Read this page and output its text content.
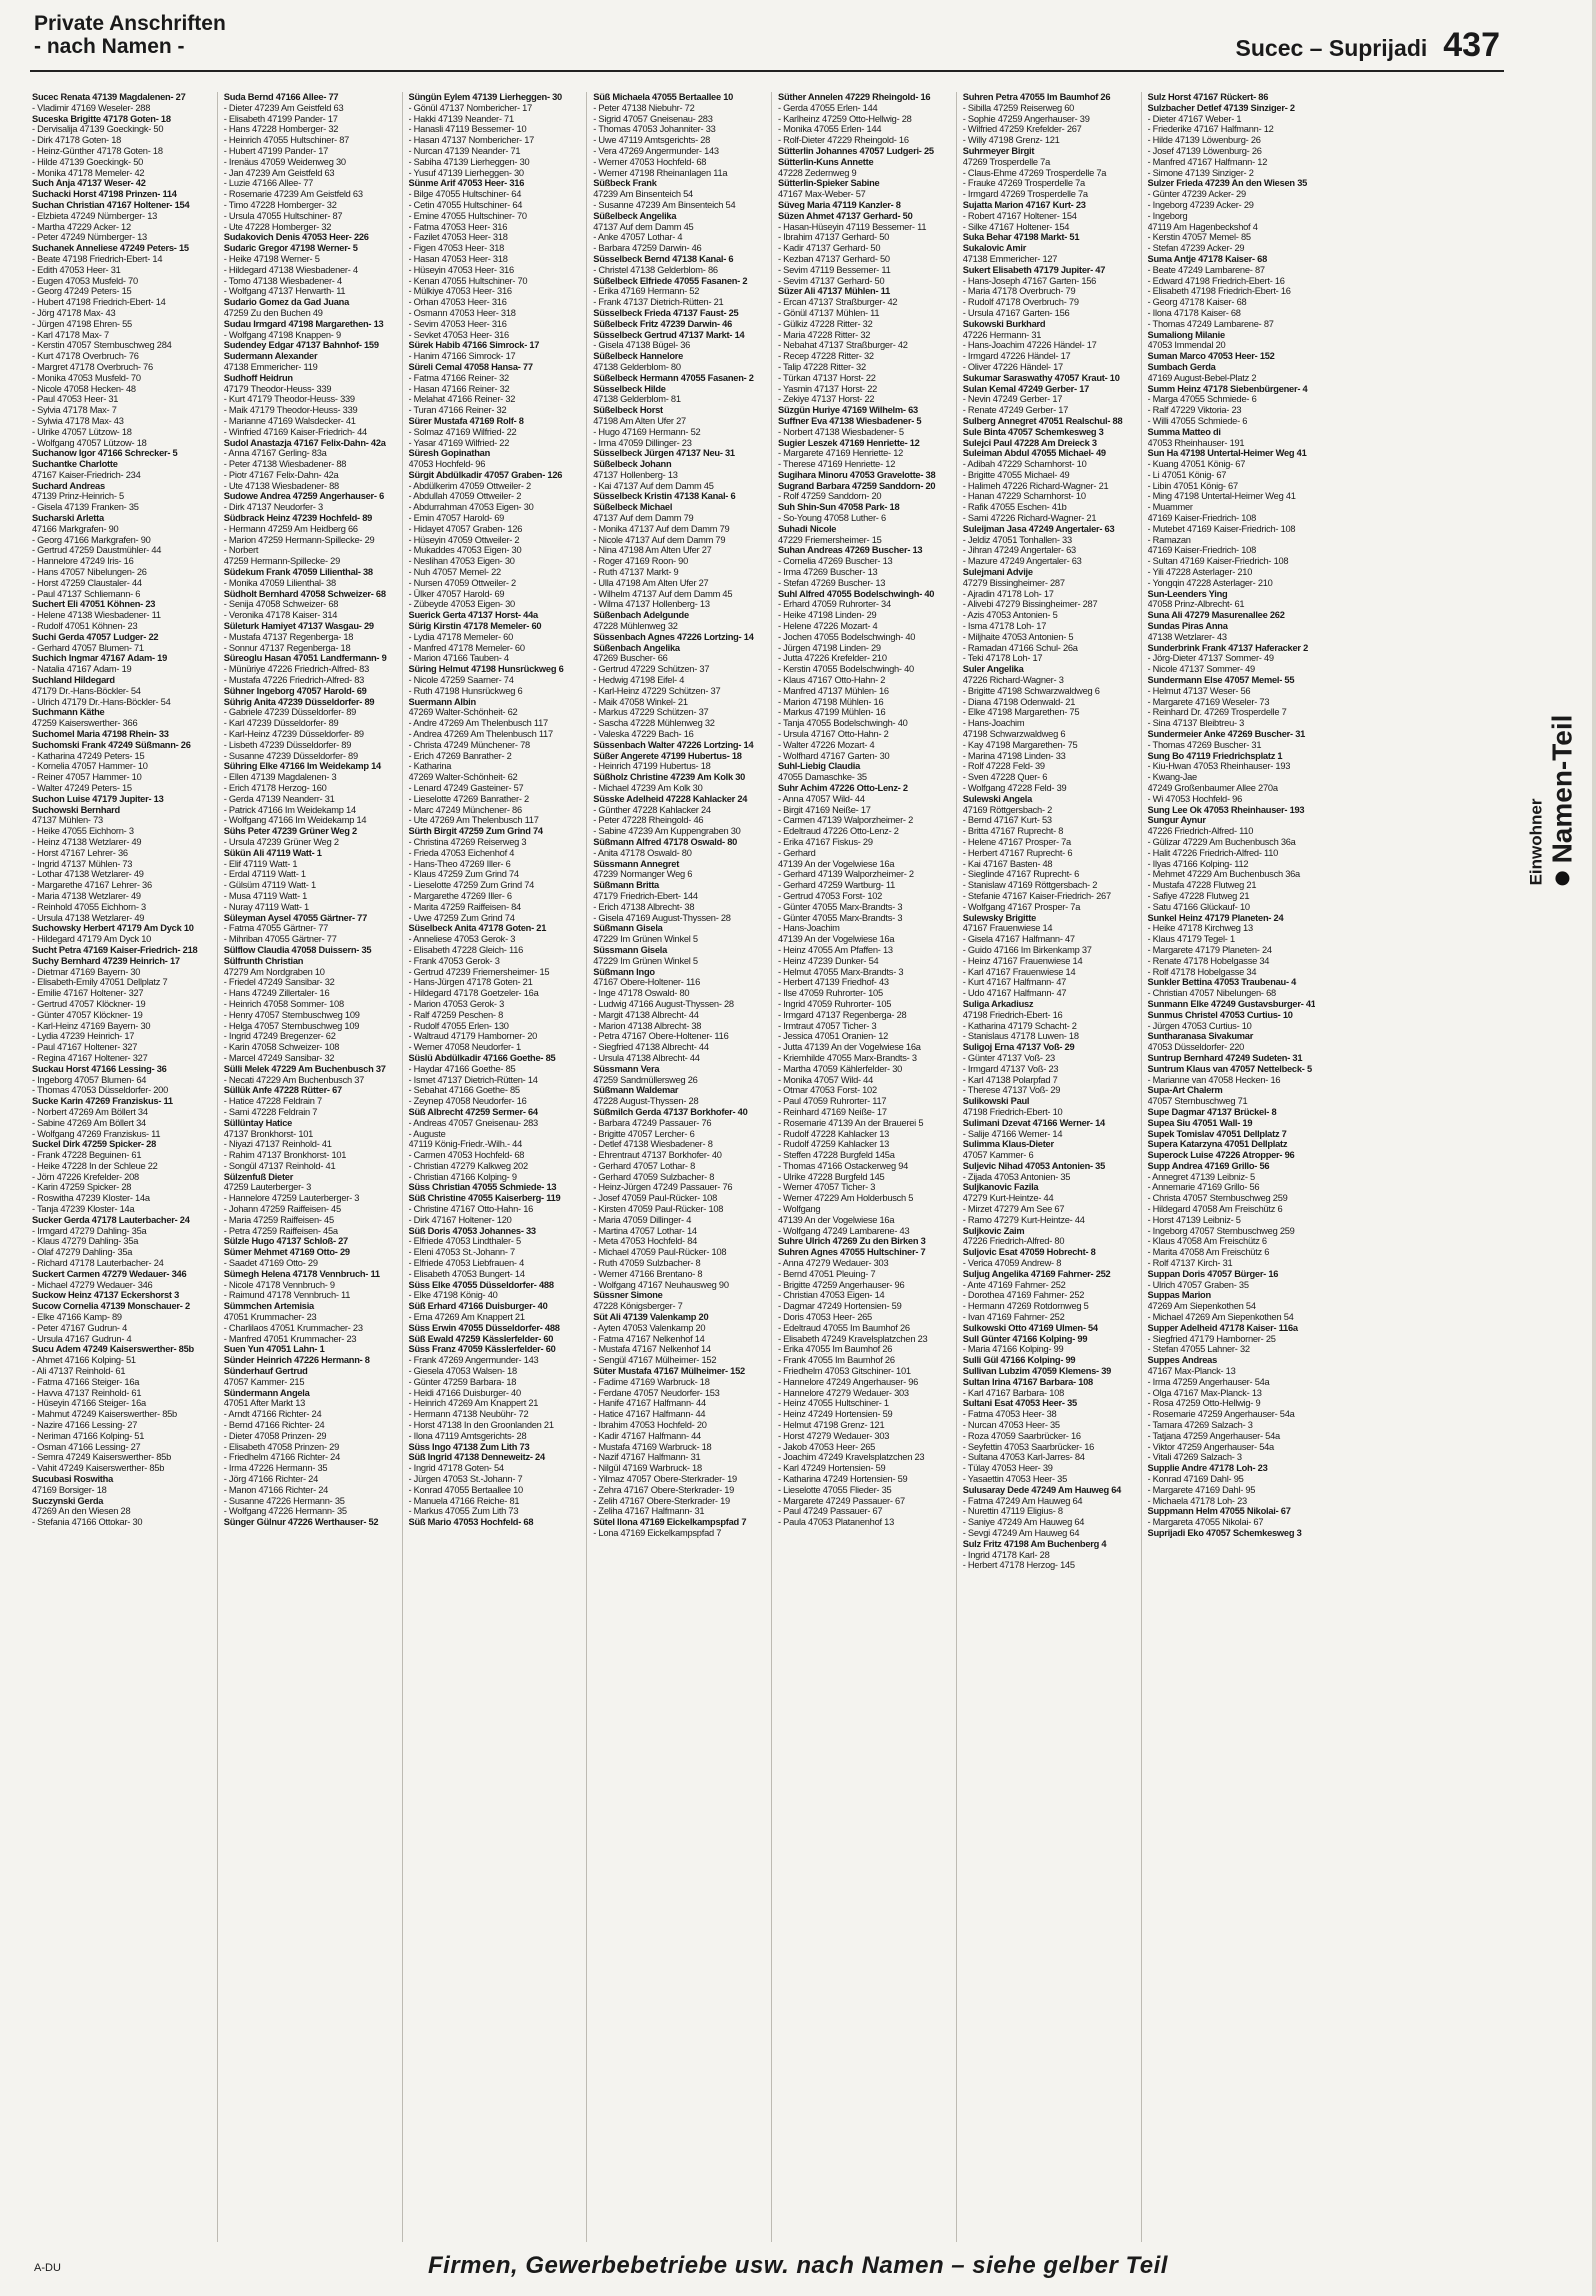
Private Anschriften
- nach Namen -	Sucec – Suprijadi 437
Sucec Renata 47139 Magdalenen- 27
- Vladimir 47169 Weseler- 288
Suceska Brigitte 47178 Goten- 18
- Dervisalija 47139 Goeckingk- 50
- Dirk 47178 Goten- 18
- Heinz-Günther 47178 Goten- 18
- Hilde 47139 Goeckingk- 50
- Monika 47178 Memeler- 42
Such Anja 47137 Weser- 42
Suchacki Horst 47198 Prinzen- 114
Suchan Christian 47167 Holtener- 154
- Elzbieta 47249 Nürnberger- 13
- Martha 47229 Acker- 12
- Peter 47249 Nürnberger- 13
Suchanek Anneliese 47249 Peters- 15
- Beate 47198 Friedrich-Ebert- 14
- Edith 47053 Heer- 31
- Eugen 47053 Musfeld- 70
- Georg 47249 Peters- 15
- Hubert 47198 Friedrich-Ebert- 14
- Jörg 47178 Max- 43
- Jürgen 47198 Ehren- 55
- Karl 47178 Max- 7
- Kerstin 47057 Sternbuschweg 284
- Kurt 47178 Overbruch- 76
- Margret 47178 Overbruch- 76
- Monika 47053 Musfeld- 70
- Nicole 47058 Hecken- 48
- Paul 47053 Heer- 31
- Sylvia 47178 Max- 7
- Sylwia 47178 Max- 43
- Ulrike 47057 Lützow- 18
- Wolfgang 47057 Lützow- 18
Suchanow Igor 47166 Schrecker- 5
Suchantke Charlotte
47167 Kaiser-Friedrich- 234
Suchard Andreas
47139 Prinz-Heinrich- 5
- Gisela 47139 Franken- 35
Sucharski Arletta
47166 Markgrafen- 90
- Georg 47166 Markgrafen- 90
- Gertrud 47259 Daustmühler- 44
- Hannelore 47249 Iris- 16
- Hans 47057 Nibelungen- 26
- Horst 47259 Claustaler- 44
- Paul 47137 Schliemann- 6
Suchert Eli 47051 Köhnen- 23
- Helene 47138 Wiesbadener- 11
- Rudolf 47051 Köhnen- 23
Suchi Gerda 47057 Ludger- 22
- Gerhard 47057 Blumen- 71
Suchich Ingmar 47167 Adam- 19
- Natalia 47167 Adam- 19
Suchland Hildegard
47179 Dr.-Hans-Böckler- 54
- Ulrich 47179 Dr.-Hans-Böckler- 54
Suchmann Käthe
47259 Kaiserswerther- 366
Suchomel Maria 47198 Rhein- 33
Suchomski Frank 47249 Süßmann- 26
- Katharina 47249 Peters- 15
- Kornelia 47057 Hammer- 10
- Reiner 47057 Hammer- 10
- Walter 47249 Peters- 15
Suchon Luise 47179 Jupiter- 13
Suchowski Bernhard
47137 Mühlen- 73
- Heike 47055 Eichhorn- 3
- Heinz 47138 Wetzlarer- 49
- Horst 47167 Lehrer- 36
- Ingrid 47137 Mühlen- 73
- Lothar 47138 Wetzlarer- 49
- Margarethe 47167 Lehrer- 36
- Maria 47138 Wetzlarer- 49
- Reinhold 47055 Eichhorn- 3
- Ursula 47138 Wetzlarer- 49
Suchowsky Herbert 47179 Am Dyck 10
- Hildegard 47179 Am Dyck 10
Sucht Petra 47169 Kaiser-Friedrich- 218
Suchy Bernhard 47239 Heinrich- 17
- Dietmar 47169 Bayern- 30
- Elisabeth-Emily 47051 Dellplatz 7
- Emilie 47167 Holtener- 327
- Gertrud 47057 Klöckner- 19
- Günter 47057 Klöckner- 19
- Karl-Heinz 47169 Bayern- 30
- Lydia 47239 Heinrich- 17
- Paul 47167 Holtener- 327
- Regina 47167 Holtener- 327
Suckau Horst 47166 Lessing- 36
- Ingeborg 47057 Blumen- 64
- Thomas 47053 Düsseldorfer- 200
Sucke Karin 47269 Franziskus- 11
- Norbert 47269 Am Böllert 34
- Sabine 47269 Am Böllert 34
- Wolfgang 47269 Franziskus- 11
Suckel Dirk 47259 Spicker- 28
- Frank 47228 Beguinen- 61
- Heike 47228 In der Schleue 22
- Jörn 47226 Krefelder- 208
- Karin 47259 Spicker- 28
- Roswitha 47239 Kloster- 14a
- Tanja 47239 Kloster- 14a
Sucker Gerda 47178 Lauterbacher- 24
- Irmgard 47279 Dahling- 35a
- Klaus 47279 Dahling- 35a
- Olaf 47279 Dahling- 35a
- Richard 47178 Lauterbacher- 24
Suckert Carmen 47279 Wedauer- 346
- Michael 47279 Wedauer- 346
Suckow Heinz 47137 Eckershorst 3
Sucow Cornelia 47139 Monschauer- 2
- Elke 47166 Kamp- 89
- Peter 47167 Gudrun- 4
- Ursula 47167 Gudrun- 4
Sucu Adem 47249 Kaiserswerther- 85b
- Ahmet 47166 Kolping- 51
- Ali 47137 Reinhold- 61
- Fatma 47166 Steiger- 16a
- Havva 47137 Reinhold- 61
- Hüseyin 47166 Steiger- 16a
- Mahmut 47249 Kaiserswerther- 85b
- Nazire 47166 Lessing- 27
- Neriman 47166 Kolping- 51
- Osman 47166 Lessing- 27
- Semra 47249 Kaiserswerther- 85b
- Vahit 47249 Kaiserswerther- 85b
Sucubasi Roswitha
47169 Borsiger- 18
Suczynski Gerda
47269 An den Wiesen 28
- Stefania 47166 Ottokar- 30
Suda Bernd 47166 Allee- 77
- Dieter 47239 Am Geistfeld 63
- Elisabeth 47199 Pander- 17
- Hans 47228 Homberger- 32
- Heinrich 47055 Hultschiner- 87
- Hubert 47199 Pander- 17
- Irenäus 47059 Weidenweg 30
- Jan 47239 Am Geistfeld 63
- Luzie 47166 Allee- 77
- Rosemarie 47239 Am Geistfeld 63
- Timo 47228 Homberger- 32
- Ursula 47055 Hultschiner- 87
- Ute 47228 Homberger- 32
Sudakovich Denis 47053 Heer- 226
Sudaric Gregor 47198 Werner- 5
- Heike 47198 Werner- 5
- Hildegard 47138 Wiesbadener- 4
- Tomo 47138 Wiesbadener- 4
- Wolfgang 47137 Herwarth- 11
Sudario Gomez da Gad Juana
47259 Zu den Buchen 49
Sudau Irmgard 47198 Margarethen- 13
- Wolfgang 47198 Knappen- 9
Sudendey Edgar 47137 Bahnhof- 159
Sudermann Alexander
47138 Emmericher- 119
Sudhoff Heidrun
47179 Theodor-Heuss- 339
- Kurt 47179 Theodor-Heuss- 339
- Maik 47179 Theodor-Heuss- 339
- Marianne 47169 Walsdecker- 41
- Winfried 47169 Kaiser-Friedrich- 44
Sudol Anastazja 47167 Felix-Dahn- 42a
- Anna 47167 Gerling- 83a
- Peter 47138 Wiesbadener- 88
- Piotr 47167 Felix-Dahn- 42a
- Ute 47138 Wiesbadener- 88
Sudowe Andrea 47259 Angerhauser- 6
- Dirk 47137 Neudorfer- 3
Südbrack Heinz 47239 Hochfeld- 89
- Hermann 47259 Am Heidberg 66
- Marion 47259 Hermann-Spillecke- 29
- Norbert
47259 Hermann-Spillecke- 29
Südekum Frank 47059 Lilienthal- 38
- Monika 47059 Lilienthal- 38
Südholt Bernhard 47058 Schweizer- 68
- Senija 47058 Schweizer- 68
- Veronika 47178 Kaiser- 314
Sületurk Hamiyet 47137 Wasgau- 29
- Mustafa 47137 Regenberga- 18
- Sonnur 47137 Regenberga- 18
Süreoglu Hasan 47051 Landfermann- 9
- Münüriye 47226 Friedrich-Alfred- 83
- Mustafa 47226 Friedrich-Alfred- 83
Sühner Ingeborg 47057 Harold- 69
Sührig Anita 47239 Düsseldorfer- 89
- Gabriele 47239 Düsseldorfer- 89
- Karl 47239 Düsseldorfer- 89
- Karl-Heinz 47239 Düsseldorfer- 89
- Lisbeth 47239 Düsseldorfer- 89
- Susanne 47239 Düsseldorfer- 89
Sühring Elke 47166 Im Weidekamp 14
- Ellen 47139 Magdalenen- 3
- Erich 47178 Herzog- 160
- Gerda 47139 Neanderr- 31
- Patrick 47166 Im Weidekamp 14
- Wolfgang 47166 Im Weidekamp 14
Sühs Peter 47239 Grüner Weg 2
- Ursula 47239 Grüner Weg 2
Sükün Ali 47119 Watt- 1
- Elif 47119 Watt- 1
- Erdal 47119 Watt- 1
- Gülsüm 47119 Watt- 1
- Musa 47119 Watt- 1
- Nuray 47119 Watt- 1
Süleyman Aysel 47055 Gärtner- 77
- Fatma 47055 Gärtner- 77
- Mihriban 47055 Gärtner- 77
Sülflow Claudia 47058 Duissern- 35
Sülfrunth Christian
47279 Am Nordgraben 10
- Friedel 47249 Sansibar- 32
- Hans 47249 Zillertaler- 16
- Heinrich 47058 Sommer- 108
- Henry 47057 Sternbuschweg 109
- Helga 47057 Sternbuschweg 109
- Ingrid 47249 Bregenzer- 62
- Karin 47058 Schweizer- 108
- Marcel 47249 Sansibar- 32
Sülli Melek 47229 Am Buchenbusch 37
- Necati 47229 Am Buchenbusch 37
Süllük Anfe 47228 Rütter- 67
- Hatice 47228 Feldrain 7
- Sami 47228 Feldrain 7
Süllüntay Hatice
47137 Bronkhorst- 101
- Niyazi 47137 Reinhold- 41
- Rahim 47137 Bronkhorst- 101
- Songül 47137 Reinhold- 41
Sülzenfuß Dieter
47259 Lauterberger- 3
- Hannelore 47259 Lauterberger- 3
- Johann 47259 Raiffeisen- 45
- Maria 47259 Raiffeisen- 45
- Petra 47259 Raiffeisen- 45a
Sülzle Hugo 47137 Schloß- 27
Sümer Mehmet 47169 Otto- 29
- Saadet 47169 Otto- 29
Sümegh Helena 47178 Vennbruch- 11
- Nicole 47178 Vennbruch- 9
- Raimund 47178 Vennbruch- 11
Sümmchen Artemisia
47051 Krummacher- 23
- Charlilaos 47051 Krummacher- 23
- Manfred 47051 Krummacher- 23
Suen Yun 47051 Lahn- 1
Sünder Heinrich 47226 Hermann- 8
Sünderhauf Gertrud
47057 Kammer- 215
Sündermann Angela
47051 After Markt 13
- Arndt 47166 Richter- 24
- Bernd 47166 Richter- 24
- Dieter 47058 Prinzen- 29
- Elisabeth 47058 Prinzen- 29
- Friedhelm 47166 Richter- 24
- Irma 47226 Hermann- 35
- Jörg 47166 Richter- 24
- Manon 47166 Richter- 24
- Susanne 47226 Hermann- 35
- Wolfgang 47226 Hermann- 35
Sünger Gülnur 47226 Werthauser- 52
Süngün Eylem 47139 Lierheggen- 30
- Gönül 47137 Nombericher- 17
- Hakki 47139 Neander- 71
- Hanasli 47119 Bessemer- 10
- Hasan 47137 Nombericher- 17
- Nurcan 47139 Neander- 71
- Sabiha 47139 Lierheggen- 30
- Yusuf 47139 Lierheggen- 30
Sünme Arif 47053 Heer- 316
- Bilge 47055 Hultschiner- 64
- Cetin 47055 Hultschiner- 64
- Emine 47055 Hultschiner- 70
- Fatma 47053 Heer- 316
- Fazilet 47053 Heer- 318
- Figen 47053 Heer- 318
- Hasan 47053 Heer- 318
- Hüseyin 47053 Heer- 316
- Kenan 47055 Hultschiner- 70
- Mülkiye 47053 Heer- 316
- Orhan 47053 Heer- 316
- Osmann 47053 Heer- 318
- Sevim 47053 Heer- 316
- Sevket 47053 Heer- 316
Sürek Habib 47166 Simrock- 17
- Hanim 47166 Simrock- 17
Süreli Cemal 47058 Hansa- 77
- Fatma 47166 Reiner- 32
- Hasan 47166 Reiner- 32
- Melahat 47166 Reiner- 32
- Turan 47166 Reiner- 32
Sürer Mustafa 47169 Rolf- 8
- Solmaz 47169 Wilfried- 22
- Yasar 47169 Wilfried- 22
Süresh Gopinathan
47053 Hochfeld- 96
Sürgit Abdülkadir 47057 Graben- 126
- Abdülkerim 47059 Ottweiler- 2
- Abdullah 47059 Ottweiler- 2
- Abdurrahman 47053 Eigen- 30
- Emin 47057 Harold- 69
- Hidayet 47057 Graben- 126
- Hüseyin 47059 Ottweiler- 2
- Mukaddes 47053 Eigen- 30
- Neslihan 47053 Eigen- 30
- Nuh 47057 Memel- 22
- Nursen 47059 Ottweiler- 2
- Ülker 47057 Harold- 69
- Zübeyde 47053 Eigen- 30
Suerick Gerta 47137 Horst- 44a
Sürig Kirstin 47178 Memeler- 60
- Lydia 47178 Memeler- 60
- Manfred 47178 Memeler- 60
- Marion 47166 Tauben- 4
Süring Helmut 47198 Hunsrückweg 6
- Nicole 47259 Saarner- 74
- Ruth 47198 Hunsrückweg 6
Suermann Albin
47269 Walter-Schönheit- 62
- Andre 47269 Am Thelenbusch 117
- Andrea 47269 Am Thelenbusch 117
- Christa 47249 Münchener- 78
- Erich 47269 Banrather- 2
- Katharina
47269 Walter-Schönheit- 62
- Lenard 47249 Gasteiner- 57
- Lieselotte 47269 Banrather- 2
- Marc 47249 Münchener- 86
- Ute 47269 Am Thelenbusch 117
Sürth Birgit 47259 Zum Grind 74
- Christina 47269 Reiserweg 3
- Frieda 47053 Eichenhof 4
- Hans-Theo 47269 Iller- 6
- Klaus 47259 Zum Grind 74
- Lieselotte 47259 Zum Grind 74
- Margarethe 47269 Iller- 6
- Marita 47259 Raiffeisen- 84
- Uwe 47259 Zum Grind 74
Süselbeck Anita 47178 Goten- 21
- Anneliese 47053 Gerok- 3
- Elisabeth 47228 Gleich- 116
- Frank 47053 Gerok- 3
- Gertrud 47239 Friemersheimer- 15
- Hans-Jürgen 47178 Goten- 21
- Hildegard 47178 Goetzeler- 16a
- Marion 47053 Gerok- 3
- Ralf 47259 Peschen- 8
- Rudolf 47055 Erlen- 130
- Waltraud 47179 Hamborner- 20
- Werner 47058 Neudorfer- 1
Süslü Abdülkadir 47166 Goethe- 85
- Haydar 47166 Goethe- 85
- Ismet 47137 Dietrich-Rütten- 14
- Sebahat 47166 Goethe- 85
- Zeynep 47058 Neudorfer- 16
Süß Albrecht 47259 Sermer- 64
- Andreas 47057 Gneisenau- 283
- Auguste
47119 König-Friedr.-Wilh.- 44
- Carmen 47053 Hochfeld- 68
- Christian 47279 Kalkweg 202
- Christian 47166 Kolping- 9
Süss Christian 47055 Schmiede- 13
Süß Christine 47055 Kaiserberg- 119
- Christine 47167 Otto-Hahn- 16
- Dirk 47167 Holtener- 120
Süß Doris 47053 Johannes- 33
- Elfriede 47053 Lindthaler- 5
- Eleni 47053 St.-Johann- 7
- Elfriede 47053 Liebfrauen- 4
- Elisabeth 47053 Bungert- 14
Süss Elke 47055 Düsseldorfer- 488
- Elke 47198 König- 40
Süß Erhard 47166 Duisburger- 40
- Erna 47269 Am Knappert 21
Süss Erwin 47055 Düsseldorfer- 488
Süß Ewald 47259 Kässlerfelder- 60
Süss Franz 47059 Kässlerfelder- 60
- Frank 47269 Angermunder- 143
- Giesela 47053 Walsen- 18
- Günter 47259 Barbara- 18
- Heidi 47166 Duisburger- 40
- Heinrich 47269 Am Knappert 21
- Hermann 47138 Neubühr- 72
- Horst 47138 In den Groonlanden 21
- Ilona 47119 Amtsgerichts- 28
Süss Ingo 47138 Zum Lith 73
Süß Ingrid 47138 Denneweitz- 24
- Ingrid 47178 Goten- 54
- Jürgen 47053 St.-Johann- 7
- Konrad 47055 Bertaallee 10
- Manuela 47166 Reiche- 81
- Markus 47055 Zum Lith 73
Süß Mario 47053 Hochfeld- 68
Süß Michaela 47055 Bertaallee 10
- Peter 47138 Niebuhr- 72
- Sigrid 47057 Gneisenau- 283
- Thomas 47053 Johanniter- 33
- Uwe 47119 Amtsgerichts- 28
- Vera 47269 Angermunder- 143
- Werner 47053 Hochfeld- 68
- Werner 47198 Rheinanlagen 11a
Süßbeck Frank
47239 Am Binsenteich 54
- Susanne 47239 Am Binsenteich 54
Süßelbeck Angelika
47137 Auf dem Damm 45
- Anke 47057 Lothar- 4
- Barbara 47259 Darwin- 46
Süsselbeck Bernd 47138 Kanal- 6
- Christel 47138 Gelderblom- 86
Süßelbeck Elfriede 47055 Fasanen- 2
- Erika 47169 Hermann- 52
- Frank 47137 Dietrich-Rütten- 21
Süsselbeck Frieda 47137 Faust- 25
Süßelbeck Fritz 47239 Darwin- 46
Süsselbeck Gertrud 47137 Markt- 14
- Gisela 47138 Bügel- 36
Süßelbeck Hannelore
47138 Gelderblom- 80
Süßelbeck Hermann 47055 Fasanen- 2
Süsselbeck Hilde
47138 Gelderblom- 81
Süßelbeck Horst
47198 Am Alten Ufer 27
- Hugo 47169 Hermann- 52
- Irma 47059 Dillinger- 23
Süsselbeck Jürgen 47137 Neu- 31
Süßelbeck Johann
47137 Hollenberg- 13
- Kai 47137 Auf dem Damm 45
Süsselbeck Kristin 47138 Kanal- 6
Süßelbeck Michael
47137 Auf dem Damm 79
- Monika 47137 Auf dem Damm 79
- Nicole 47137 Auf dem Damm 79
- Nina 47198 Am Alten Ufer 27
- Roger 47169 Roon- 90
- Ruth 47137 Markt- 9
- Ulla 47198 Am Alten Ufer 27
- Wilhelm 47137 Auf dem Damm 45
- Wilma 47137 Hollenberg- 13
Süßenbach Adelgunde
47228 Mühlenweg 32
Süssenbach Agnes 47226 Lortzing- 14
Süßenbach Angelika
47269 Buscher- 66
- Gertrud 47229 Schützen- 37
- Hedwig 47198 Eifel- 4
- Karl-Heinz 47229 Schützen- 37
- Maik 47058 Winkel- 21
- Markus 47229 Schützen- 37
- Sascha 47228 Mühlenweg 32
- Valeska 47229 Bach- 16
Süssenbach Walter 47226 Lortzing- 14
Süßer Angerete 47199 Hubertus- 18
- Heinrich 47199 Hubertus- 18
Süßholz Christine 47239 Am Kolk 30
- Michael 47239 Am Kolk 30
Süsske Adelheid 47228 Kahlacker 24
- Günther 47228 Kahlacker 24
- Peter 47228 Rheingold- 46
- Sabine 47239 Am Kuppengraben 30
Süßmann Alfred 47178 Oswald- 80
- Anita 47178 Oswald- 80
Süssmann Annegret
47239 Normanger Weg 6
Süßmann Britta
47179 Friedrich-Ebert- 144
- Erich 47138 Albrecht- 38
- Gisela 47169 August-Thyssen- 28
Süßmann Gisela
47229 Im Grünen Winkel 5
Süssmann Gisela
47229 Im Grünen Winkel 5
Süßmann Ingo
47167 Obere-Holtener- 116
- Inge 47178 Oswald- 80
- Ludwig 47166 August-Thyssen- 28
- Margit 47138 Albrecht- 44
- Marion 47138 Albrecht- 38
- Petra 47167 Obere-Holtener- 116
- Siegfried 47138 Albrecht- 44
- Ursula 47138 Albrecht- 44
Süssmann Vera
47259 Sandmüllersweg 26
Süßmann Waldemar
47228 August-Thyssen- 28
Süßmilch Gerda 47137 Borkhofer- 40
- Barbara 47249 Passauer- 76
- Brigitte 47057 Lercher- 6
- Detlef 47138 Wiesbadener- 8
- Ehrentraut 47137 Borkhofer- 40
- Gerhard 47057 Lothar- 8
- Gerhard 47059 Sulzbacher- 8
- Heinz-Jürgen 47249 Passauer- 76
- Josef 47059 Paul-Rücker- 108
- Kirsten 47059 Paul-Rücker- 108
- Maria 47059 Dillinger- 4
- Martina 47057 Lothar- 14
- Meta 47053 Hochfeld- 84
- Michael 47059 Paul-Rücker- 108
- Ruth 47059 Sulzbacher- 8
- Werner 47166 Brentano- 8
- Wolfgang 47167 Neuhausweg 90
Süssner Simone
47228 Königsberger- 7
Süt Ali 47139 Valenkamp 20
- Ayten 47053 Valenkamp 20
- Fatma 47167 Nelkenhof 14
- Mustafa 47167 Nelkenhof 14
- Sengül 47167 Mülheimer- 152
Süter Mustafa 47167 Mülheimer- 152
- Fadime 47169 Warbruck- 18
- Ferdane 47057 Neudorfer- 153
- Hanife 47167 Halfmann- 44
- Hatice 47167 Halfmann- 44
- Ibrahim 47053 Hochfeld- 20
- Kadir 47167 Halfmann- 44
- Mustafa 47169 Warbruck- 18
- Nazif 47167 Halfmann- 31
- Nilgül 47169 Warbruck- 18
- Yilmaz 47057 Obere-Sterkrader- 19
- Zehra 47167 Obere-Sterkrader- 19
- Zelih 47167 Obere-Sterkrader- 19
- Zeliha 47167 Halfmann- 31
Sütel Ilona 47169 Eickelkampspfad 7
- Lona 47169 Eickelkampspfad 7
Süther Annelen 47229 Rheingold- 16
- Gerda 47055 Erlen- 144
- Karlheinz 47259 Otto-Hellwig- 28
- Monika 47055 Erlen- 144
- Rolf-Dieter 47229 Rheingold- 16
Sütterlin Johannes 47057 Ludgeri- 25
Sütterlin-Kuns Annette
47228 Zedernweg 9
Sütterlin-Spieker Sabine
47167 Max-Weber- 57
Süveg Maria 47119 Kanzler- 8
Süzen Ahmet 47137 Gerhard- 50
- Hasan-Hüseyin 47119 Bessemer- 11
- Ibrahim 47137 Gerhard- 50
- Kadir 47137 Gerhard- 50
- Kezban 47137 Gerhard- 50
- Sevim 47119 Bessemer- 11
- Sevim 47137 Gerhard- 50
Süzer Ali 47137 Mühlen- 11
- Ercan 47137 Straßburger- 42
- Gönül 47137 Mühlen- 11
- Gülkiz 47228 Ritter- 32
- Maria 47228 Ritter- 32
- Nebahat 47137 Straßburger- 42
- Recep 47228 Ritter- 32
- Talip 47228 Ritter- 32
- Türkan 47137 Horst- 22
- Yasmin 47137 Horst- 22
- Zekiye 47137 Horst- 22
Süzgün Huriye 47169 Wilhelm- 63
Suffner Eva 47138 Wiesbadener- 5
- Norbert 47138 Wiesbadener- 5
Sugier Leszek 47169 Henriette- 12
- Margarete 47169 Henriette- 12
- Therese 47169 Henriette- 12
Sugihara Minoru 47053 Gravelotte- 38
Sugrand Barbara 47259 Sanddorn- 20
- Rolf 47259 Sanddorn- 20
Suh Shin-Sun 47058 Park- 18
- So-Young 47058 Luther- 6
Suhadi Nicole
47229 Friemersheimer- 15
Suhan Andreas 47269 Buscher- 13
- Cornelia 47269 Buscher- 13
- Irma 47269 Buscher- 13
- Stefan 47269 Buscher- 13
Suhl Alfred 47055 Bodelschwingh- 40
- Erhard 47059 Ruhrorter- 34
- Heike 47198 Linden- 29
- Helene 47226 Mozart- 4
- Jochen 47055 Bodelschwingh- 40
- Jürgen 47198 Linden- 29
- Jutta 47226 Krefelder- 210
- Kerstin 47055 Bodelschwingh- 40
- Klaus 47167 Otto-Hahn- 2
- Manfred 47137 Mühlen- 16
- Marion 47198 Mühlen- 16
- Markus 47199 Mühlen- 16
- Tanja 47055 Bodelschwingh- 40
- Ursula 47167 Otto-Hahn- 2
- Walter 47226 Mozart- 4
- Wolfhard 47167 Garten- 30
Suhl-Liebig Claudia
47055 Damaschke- 35
Suhr Achim 47226 Otto-Lenz- 2
- Anna 47057 Wild- 44
- Birgit 47169 Neiße- 17
- Carmen 47139 Walporzheimer- 2
- Edeltraud 47226 Otto-Lenz- 2
- Erika 47167 Fiskus- 29
- Gerhard
47139 An der Vogelwiese 16a
- Gerhard 47139 Walporzheimer- 2
- Gerhard 47259 Wartburg- 11
- Gertrud 47053 Forst- 102
- Günter 47055 Marx-Brandts- 3
- Günter 47055 Marx-Brandts- 3
- Hans-Joachim
47139 An der Vogelwiese 16a
- Heinz 47055 Am Pfaffen- 13
- Heinz 47239 Dunker- 54
- Helmut 47055 Marx-Brandts- 3
- Herbert 47139 Friedhof- 43
- Ilse 47059 Ruhrorter- 105
- Ingrid 47059 Ruhrorter- 105
- Irmgard 47137 Regenberga- 28
- Irmtraut 47057 Ticher- 3
- Jessica 47051 Oranien- 12
- Jutta 47139 An der Vogelwiese 16a
- Kriemhilde 47055 Marx-Brandts- 3
- Martha 47059 Kählerfelder- 30
- Monika 47057 Wild- 44
- Otmar 47053 Forst- 102
- Paul 47059 Ruhrorter- 117
- Reinhard 47169 Neiße- 17
- Rosemarie 47139 An der Brauerei 5
- Rudolf 47228 Kahlacker 13
- Rudolf 47259 Kahlacker 13
- Steffen 47228 Burgfeld 145a
- Thomas 47166 Ostackerweg 94
- Ulrike 47228 Burgfeld 145
- Werner 47057 Ticher- 3
- Werner 47229 Am Holderbusch 5
- Wolfgang
47139 An der Vogelwiese 16a
- Wolfgang 47249 Lambarene- 43
Suhre Ulrich 47269 Zu den Birken 3
Suhren Agnes 47055 Hultschiner- 7
- Anna 47279 Wedauer- 303
- Bernd 47051 Pleuing- 7
- Brigitte 47259 Angerhauser- 96
- Christian 47053 Eigen- 14
- Dagmar 47249 Hortensien- 59
- Doris 47053 Heer- 265
- Edeltraud 47055 Im Baumhof 26
- Elisabeth 47249 Kravelsplatzchen 23
- Erika 47055 Im Baumhof 26
- Frank 47055 Im Baumhof 26
- Friedhelm 47053 Gitschiner- 101
- Hannelore 47249 Angerhauser- 96
- Hannelore 47279 Wedauer- 303
- Heinz 47055 Hultschiner- 1
- Heinz 47249 Hortensien- 59
- Helmut 47198 Grenz- 121
- Horst 47279 Wedauer- 303
- Jakob 47053 Heer- 265
- Joachim 47249 Kravelsplatzchen 23
- Karl 47249 Hortensien- 59
- Katharina 47249 Hortensien- 59
- Lieselotte 47055 Flieder- 35
- Margarete 47249 Passauer- 67
- Paul 47249 Passauer- 67
- Paula 47053 Platanenhof 13
Suhren Petra 47055 Im Baumhof 26
- Sibilla 47259 Reiserweg 60
- Sophie 47259 Angerhauser- 39
- Wilfried 47259 Krefelder- 267
- Willy 47198 Grenz- 121
Suhrmeyer Birgit
47269 Trosperdelle 7a
- Claus-Ehme 47269 Trosperdelle 7a
- Frauke 47269 Trosperdelle 7a
- Irmgard 47269 Trosperdelle 7a
Sujatta Marion 47167 Kurt- 23
- Robert 47167 Holtener- 154
- Silke 47167 Holtener- 154
Suka Behar 47198 Markt- 51
Sukalovic Amir
47138 Emmericher- 127
Sukert Elisabeth 47179 Jupiter- 47
- Hans-Joseph 47167 Garten- 156
- Maria 47178 Overbruch- 79
- Rudolf 47178 Overbruch- 79
- Ursula 47167 Garten- 156
Sukowski Burkhard
47226 Hermann- 31
- Hans-Joachim 47226 Händel- 17
- Irmgard 47226 Händel- 17
- Oliver 47226 Händel- 17
Sukumar Saraswathy 47057 Kraut- 10
Sulan Kemal 47249 Gerber- 17
- Nevin 47249 Gerber- 17
- Renate 47249 Gerber- 17
Sulberg Annegret 47051 Realschul- 88
Sule Binta 47057 Schemkesweg 3
Sulejci Paul 47228 Am Dreieck 3
Suleiman Abdul 47055 Michael- 49
- Adibah 47229 Scharnhorst- 10
- Brigitte 47055 Michael- 49
- Halimeh 47226 Richard-Wagner- 21
- Hanan 47229 Scharnhorst- 10
- Rafik 47055 Eschen- 41b
- Sami 47226 Richard-Wagner- 21
Suleijman Jasa 47249 Angertaler- 63
- Jeldiz 47051 Tonhallen- 33
- Jihran 47249 Angertaler- 63
- Mazure 47249 Angertaler- 63
Sulejmani Advije
47279 Bissingheimer- 287
- Ajradin 47178 Loh- 17
- Alivebi 47279 Bissingheimer- 287
- Azis 47053 Antonien- 5
- Isma 47178 Loh- 17
- Miljhaite 47053 Antonien- 5
- Ramadan 47166 Schul- 26a
- Teki 47178 Loh- 17
Suler Angelika
47226 Richard-Wagner- 3
- Brigitte 47198 Schwarzwaldweg 6
- Diana 47198 Odenwald- 21
- Elke 47198 Margarethen- 75
- Hans-Joachim
47198 Schwarzwaldweg 6
- Kay 47198 Margarethen- 75
- Marina 47198 Linden- 33
- Rolf 47228 Feld- 39
- Sven 47228 Quer- 6
- Wolfgang 47228 Feld- 39
Sulewski Angela
47169 Röttgersbach- 2
- Bernd 47167 Kurt- 53
- Britta 47167 Ruprecht- 8
- Helene 47167 Prosper- 7a
- Herbert 47167 Ruprecht- 6
- Kai 47167 Basten- 48
- Sieglinde 47167 Ruprecht- 6
- Stanislaw 47169 Röttgersbach- 2
- Stefanie 47167 Kaiser-Friedrich- 267
- Wolfgang 47167 Prosper- 7a
Sulewsky Brigitte
47167 Frauenwiese 14
- Gisela 47167 Halfmann- 47
- Guido 47166 Im Birkenkamp 37
- Heinz 47167 Frauenwiese 14
- Karl 47167 Frauenwiese 14
- Kurt 47167 Halfmann- 47
- Udo 47167 Halfmann- 47
Suliga Arkadiusz
47198 Friedrich-Ebert- 16
- Katharina 47179 Schacht- 2
- Stanislaus 47178 Luwen- 18
Suligoj Erna 47137 Voß- 29
- Günter 47137 Voß- 23
- Irmgard 47137 Voß- 23
- Karl 47138 Polarpfad 7
- Therese 47137 Voß- 29
Sulikowski Paul
47198 Friedrich-Ebert- 10
Sulimani Dzevat 47166 Werner- 14
- Salije 47166 Werner- 14
Sulimma Klaus-Dieter
47057 Kammer- 6
Suljevic Nihad 47053 Antonien- 35
- Zijada 47053 Antonien- 35
Suljkanovic Fazila
47279 Kurt-Heintze- 44
- Mirzet 47279 Am See 67
- Ramo 47279 Kurt-Heintze- 44
Suljkovic Zaim
47226 Friedrich-Alfred- 80
Suljovic Esat 47059 Hobrecht- 8
- Verica 47059 Andrew- 8
Suljug Angelika 47169 Fahrner- 252
- Ante 47169 Fahrner- 252
- Dorothea 47169 Fahrner- 252
- Hermann 47269 Rotdornweg 5
- Ivan 47169 Fahrner- 252
Sulkowski Otto 47169 Ulmen- 54
Sull Günter 47166 Kolping- 99
- Maria 47166 Kolping- 99
Sulli Gül 47166 Kolping- 99
Sullivan Lubzim 47059 Klemens- 39
Sultan Irina 47167 Barbara- 108
- Karl 47167 Barbara- 108
Sultani Esat 47053 Heer- 35
- Fatma 47053 Heer- 38
- Nurcan 47053 Heer- 35
- Roza 47059 Saarbrücker- 16
- Seyfettin 47053 Saarbrücker- 16
- Sultana 47053 Karl-Jarres- 84
- Tülay 47053 Heer- 39
- Yasaettin 47053 Heer- 35
Sulusaray Dede 47249 Am Hauweg 64
- Fatma 47249 Am Hauweg 64
- Nurettin 47119 Eligius- 8
- Saniye 47249 Am Hauweg 64
- Sevgi 47249 Am Hauweg 64
Sulz Fritz 47198 Am Buchenberg 4
- Ingrid 47178 Karl- 28
- Herbert 47178 Herzog- 145
Sulz Horst 47167 Rückert- 86
Sulzbacher Detlef 47139 Sinziger- 2
- Dieter 47167 Weber- 1
- Friederike 47167 Halfmann- 12
- Hilde 47139 Löwenburg- 26
- Josef 47139 Löwenburg- 26
- Manfred 47167 Halfmann- 12
- Simone 47139 Sinziger- 2
Sulzer Frieda 47239 An den Wiesen 35
- Günter 47239 Acker- 29
- Ingeborg 47239 Acker- 29
- Ingeborg
47119 Am Hagenbeckshof 4
- Kerstin 47057 Memel- 85
- Stefan 47239 Acker- 29
Suma Antje 47178 Kaiser- 68
- Beate 47249 Lambarene- 87
- Edward 47198 Friedrich-Ebert- 16
- Elisabeth 47198 Friedrich-Ebert- 16
- Georg 47178 Kaiser- 68
- Ilona 47178 Kaiser- 68
- Thomas 47249 Lambarene- 87
Sumaliong Milanie
47053 Immendal 20
Suman Marco 47053 Heer- 152
Sumbach Gerda
47169 August-Bebel-Platz 2
Summ Heinz 47178 Siebenbürgener- 4
- Marga 47055 Schmiede- 6
- Ralf 47229 Viktoria- 23
- Willi 47055 Schmiede- 6
Summa Matteo di
47053 Rheinhauser- 191
Sun Ha 47198 Untertal-Heimer Weg 41
- Kuang 47051 König- 67
- Li 47051 König- 67
- Libin 47051 König- 67
- Ming 47198 Untertal-Heimer Weg 41
- Muammer
47169 Kaiser-Friedrich- 108
- Mutebet 47169 Kaiser-Friedrich- 108
- Ramazan
47169 Kaiser-Friedrich- 108
- Sultan 47169 Kaiser-Friedrich- 108
- Yili 47228 Asterlager- 210
- Yongqin 47228 Asterlager- 210
Sun-Leenders Ying
47058 Prinz-Albrecht- 61
Suna Ali 47279 Masurenallee 262
Sundas Piras Anna
47138 Wetzlarer- 43
Sunderbrink Frank 47137 Haferacker 2
- Jörg-Dieter 47137 Sommer- 49
- Nicole 47137 Sommer- 49
Sundermann Else 47057 Memel- 55
- Helmut 47137 Weser- 56
- Margarete 47169 Weseler- 73
- Reinhard Dr. 47269 Trosperdelle 7
- Sina 47137 Bleibtreu- 3
Sundermeier Anke 47269 Buscher- 31
- Thomas 47269 Buscher- 31
Sung Bo 47119 Friedrichsplatz 1
- Kiu-Hwan 47053 Rheinhauser- 193
- Kwang-Jae
47249 Großenbaumer Allee 270a
- Wi 47053 Hochfeld- 96
Sung Lee Ok 47053 Rheinhauser- 193
Sungur Aynur
47226 Friedrich-Alfred- 110
- Gülizar 47229 Am Buchenbusch 36a
- Halit 47226 Friedrich-Alfred- 110
- Ilyas 47166 Kolping- 112
- Mehmet 47229 Am Buchenbusch 36a
- Mustafa 47228 Flutweg 21
- Safiye 47228 Flutweg 21
- Satu 47166 Glückauf- 10
Sunkel Heinz 47179 Planeten- 24
- Heike 47178 Kirchweg 13
- Klaus 47179 Tegel- 1
- Margarete 47179 Planeten- 24
- Renate 47178 Hobelgasse 34
- Rolf 47178 Hobelgasse 34
Sunkler Bettina 47053 Traubenau- 4
- Christian 47057 Nibelungen- 68
Sunmann Elke 47249 Gustavsburger- 41
Sunmus Christel 47053 Curtius- 10
- Jürgen 47053 Curtius- 10
Suntharanasa Sivakumar
47053 Düsseldorfer- 220
Suntrup Bernhard 47249 Sudeten- 31
Suntrum Klaus van 47057 Nettelbeck- 5
- Marianne van 47058 Hecken- 16
Supa-Art Chalerm
47057 Sternbuschweg 71
Supe Dagmar 47137 Brückel- 8
Supea Siu 47051 Wall- 19
Supek Tomislav 47051 Dellplatz 7
Supera Katarzyna 47051 Dellplatz
Superock Luise 47226 Atropper- 96
Supp Andrea 47169 Grillo- 56
- Annegret 47139 Leibniz- 5
- Annemarie 47169 Grillo- 56
- Christa 47057 Sternbuschweg 259
- Hildegard 47058 Am Freischütz 6
- Horst 47139 Leibniz- 5
- Ingeborg 47057 Sternbuschweg 259
- Klaus 47058 Am Freischütz 6
- Marita 47058 Am Freischütz 6
- Rolf 47137 Kirch- 31
Suppan Doris 47057 Bürger- 16
- Ulrich 47057 Graben- 35
Suppas Marion
47269 Am Siepenkothen 54
- Michael 47269 Am Siepenkothen 54
Supper Adelheid 47178 Kaiser- 116a
- Siegfried 47179 Hamborner- 25
- Stefan 47055 Lahner- 32
Suppes Andreas
47167 Max-Planck- 13
- Irma 47259 Angerhauser- 54a
- Olga 47167 Max-Planck- 13
- Rosa 47259 Otto-Hellwig- 9
- Rosemarie 47259 Angerhauser- 54a
- Tamara 47269 Salzach- 3
- Tatjana 47259 Angerhauser- 54a
- Viktor 47259 Angerhauser- 54a
- Vitali 47269 Salzach- 3
Supplie Andre 47178 Loh- 23
- Konrad 47169 Dahl- 95
- Margarete 47169 Dahl- 95
- Michaela 47178 Loh- 23
Suppmann Helm 47055 Nikolai- 67
- Margareta 47055 Nikolai- 67
Suprijadi Eko 47057 Schemkesweg 3
Einwohner Namen-Teil
A-DU	Firmen, Gewerbebetriebe usw. nach Namen – siehe gelber Teil
